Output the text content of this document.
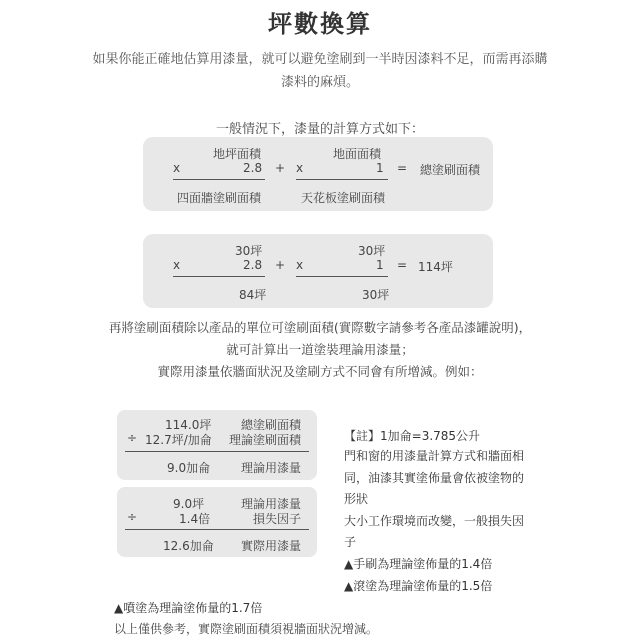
坪數換算
如果你能正確地估算用漆量，就可以避免塗刷到一半時因漆料不足，而需再添購漆料的麻煩。
一般情況下，漆量的計算方式如下：
地坪面積
x	2.8
四面牆塗刷面積
+
地面面積
x	1
天花板塗刷面積
= 總塗刷面積
30坪
x	2.8
84坪
+
30坪
x	1
30坪
= 114坪
再將塗刷面積除以產品的單位可塗刷面積(實際數字請參考各產品漆罐說明)，
就可計算出一道塗裝理論用漆量；
實際用漆量依牆面狀況及塗刷方式不同會有所增減。例如：
114.0坪 總塗刷面積
÷ 12.7坪/加侖 理論塗刷面積
9.0加侖	理論用漆量
9.0坪	理論用漆量
÷	1.4倍	損失因子
12.6加侖 實際用漆量
【註】1加侖=3.785公升
門和窗的用漆量計算方式和牆面相
同，油漆其實塗佈量會依被塗物的
形狀
大小工作環境而改變，一般損失因
子
▲手刷為理論塗佈量的1.4倍
▲滾塗為理論塗佈量的1.5倍
▲噴塗為理論塗佈量的1.7倍
以上僅供參考，實際塗刷面積須視牆面狀況增減。
